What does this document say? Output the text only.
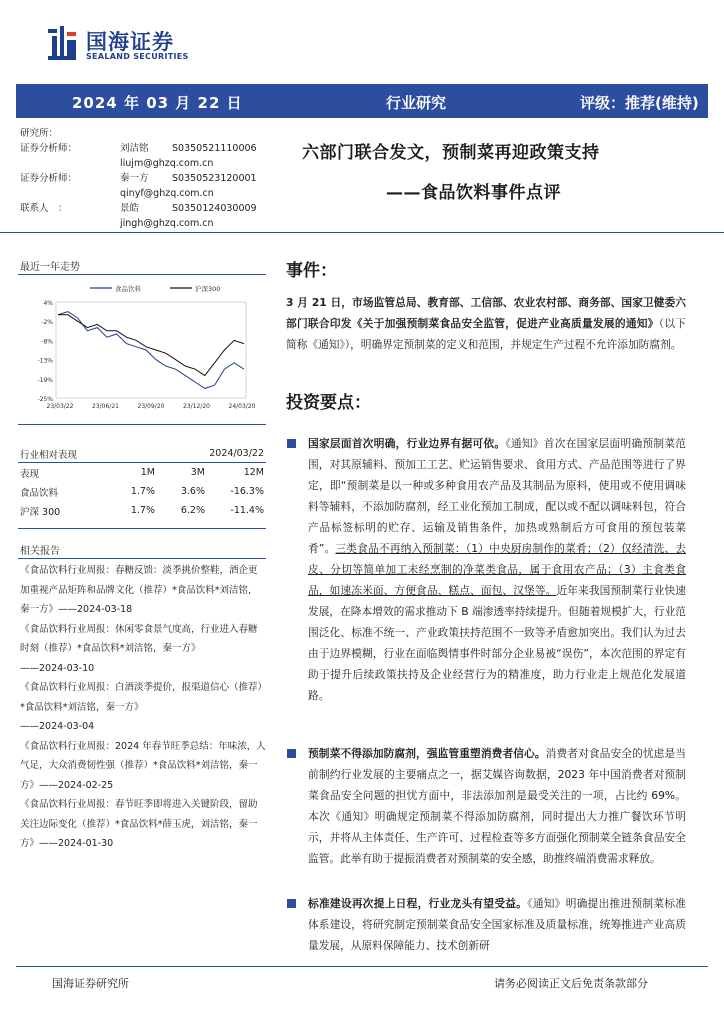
国海证券
SEALAND SECURITIES
2024 年 03 月 22 日	行业研究	评级：推荐(维持)
研究所：
证券分析师：	刘洁铭	S0350521110006
liujm@ghzq.com.cn
证券分析师：	秦一方	S0350523120001
qinyf@ghzq.com.cn
联系人　：	景皓	S0350124030009
jingh@ghzq.com.cn
六部门联合发文，预制菜再迎政策支持
——食品饮料事件点评
最近一年走势
4%
-2%
-8%
-13%
-19%
-25%
23/03/22	23/06/21	23/09/20	23/12/20	24/03/20
食品饮料	沪深300
行业相对表现	2024/03/22
表现	1M	3M	12M
食品饮料	1.7%	3.6%	-16.3%
沪深 300	1.7%	6.2%	-11.4%
相关报告
《食品饮料行业周报：春糖反馈：淡季挑价整鞋，酒企更加重视产品矩阵和品牌文化（推荐）*食品饮料*刘洁铭，秦一方》——2024-03-18
《食品饮料行业周报：休闲零食景气度高，行业进入春糖时刻（推荐）*食品饮料*刘洁铭，秦一方》
——2024-03-10
《食品饮料行业周报：白酒淡季提价，报渠道信心（推荐）*食品饮料*刘洁铭，秦一方》
——2024-03-04
《食品饮料行业周报：2024 年春节旺季总结：年味浓，人气足，大众消费韧性强（推荐）*食品饮料*刘洁铭，秦一方》——2024-02-25
《食品饮料行业周报：春节旺季即将进入关键阶段，留助关注边际变化（推荐）*食品饮料*薛玉虎，刘洁铭，秦一方》——2024-01-30
事件：
3 月 21 日，市场监管总局、教育部、工信部、农业农村部、商务部、国家卫健委六部门联合印发《关于加强预制菜食品安全监管，促进产业高质量发展的通知》（以下简称《通知》），明确界定预制菜的定义和范围，并规定生产过程不允许添加防腐剂。
投资要点：
国家层面首次明确，行业边界有据可依。《通知》首次在国家层面明确预制菜范围，对其原辅料、预加工工艺、贮运销售要求、食用方式、产品范围等进行了界定，即“预制菜是以一种或多种食用农产品及其制品为原料，使用或不使用调味料等辅料，不添加防腐剂，经工业化预加工制成，配以或不配以调味料包，符合产品标签标明的贮存、运输及销售条件，加热或熟制后方可食用的预包装菜肴”。三类食品不再纳入预制菜：（1）中央厨房制作的菜肴；（2）仅经清洗、去皮、分切等简单加工未经烹制的净菜类食品，属于食用农产品；（3）主食类食品，如速冻米面、方便食品、糕点、面包、汉堡等。近年来我国预制菜行业快速发展，在降本增效的需求推动下 B 端渗透率持续提升。但随着规模扩大，行业范围泛化、标准不统一、产业政策扶持范围不一致等矛盾愈加突出。我们认为过去由于边界模糊，行业在面临舆情事件时部分企业易被“误伤”，本次范围的界定有助于提升后续政策扶持及企业经营行为的精准度，助力行业走上规范化发展道路。
预制菜不得添加防腐剂，强监管重塑消费者信心。消费者对食品安全的忧虑是当前制约行业发展的主要痛点之一，据艾媒咨询数据，2023 年中国消费者对预制菜食品安全问题的担忧方面中，非法添加剂是最受关注的一项，占比约 69%。本次《通知》明确规定预制菜不得添加防腐剂，同时提出大力推广餐饮环节明示，并将从主体责任、生产许可、过程检查等多方面强化预制菜全链条食品安全监管。此举有助于提振消费者对预制菜的安全感，助推终端消费需求释放。
标准建设再次提上日程，行业龙头有望受益。《通知》明确提出推进预制菜标准体系建设，将研究制定预制菜食品安全国家标准及质量标准，统筹推进产业高质量发展，从原料保障能力、技术创新研
国海证券研究所	请务必阅读正文后免责条款部分
